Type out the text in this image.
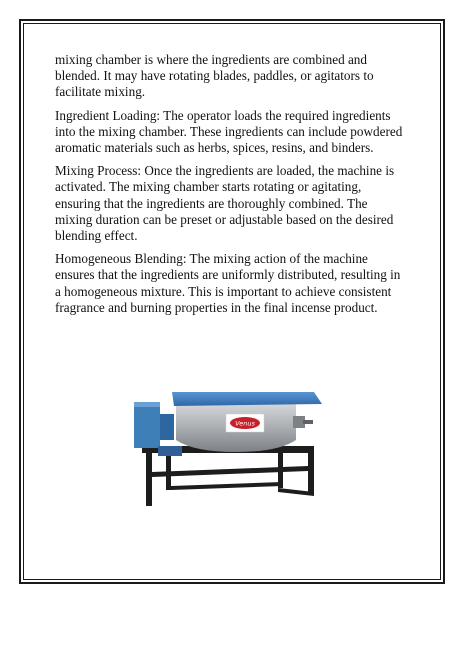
mixing chamber is where the ingredients are combined and blended. It may have rotating blades, paddles, or agitators to facilitate mixing.

Ingredient Loading: The operator loads the required ingredients into the mixing chamber. These ingredients can include powdered aromatic materials such as herbs, spices, resins, and binders.

Mixing Process: Once the ingredients are loaded, the machine is activated. The mixing chamber starts rotating or agitating, ensuring that the ingredients are thoroughly combined. The mixing duration can be preset or adjustable based on the desired blending effect.

Homogeneous Blending: The mixing action of the machine ensures that the ingredients are uniformly distributed, resulting in a homogeneous mixture. This is important to achieve consistent fragrance and burning properties in the final incense product.

Venus
